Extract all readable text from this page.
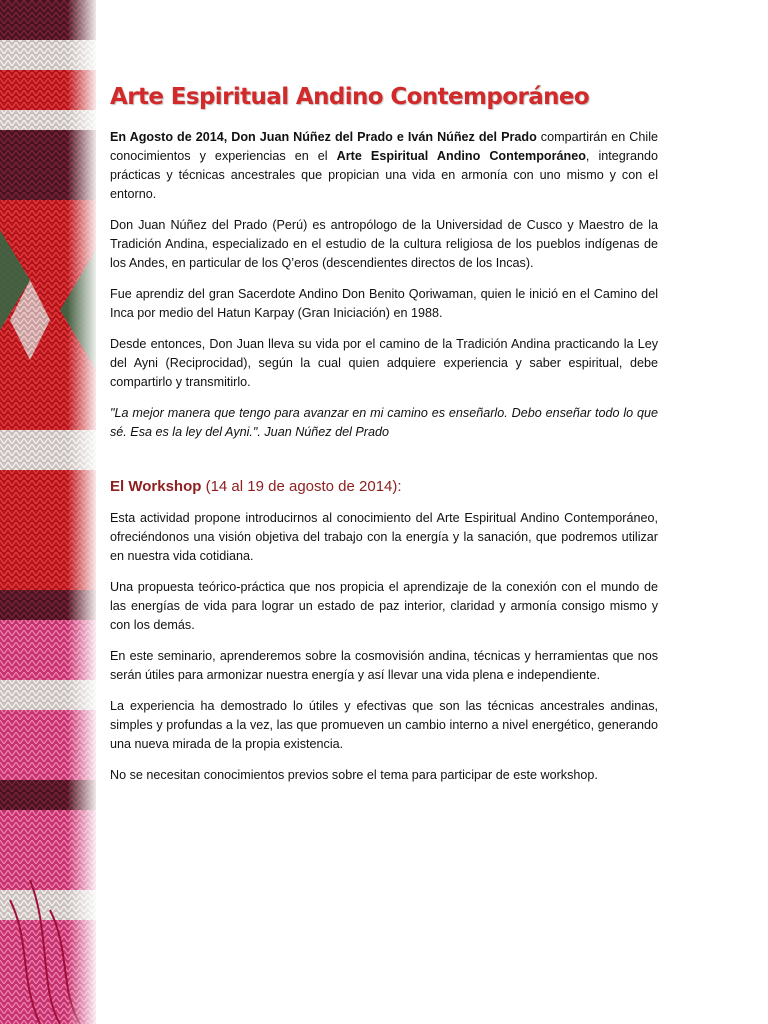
Arte Espiritual Andino Contemporáneo

En Agosto de 2014, Don Juan Núñez del Prado e Iván Núñez del Prado compartirán en Chile conocimientos y experiencias en el Arte Espiritual Andino Contemporáneo, integrando prácticas y técnicas ancestrales que propician una vida en armonía con uno mismo y con el entorno.

Don Juan Núñez del Prado (Perú) es antropólogo de la Universidad de Cusco y Maestro de la Tradición Andina, especializado en el estudio de la cultura religiosa de los pueblos indígenas de los Andes, en particular de los Q’eros (descendientes directos de los Incas).

Fue aprendiz del gran Sacerdote Andino Don Benito Qoriwaman, quien le inició en el Camino del Inca por medio del Hatun Karpay (Gran Iniciación) en 1988.

Desde entonces, Don Juan lleva su vida por el camino de la Tradición Andina practicando la Ley del Ayni (Reciprocidad), según la cual quien adquiere experiencia y saber espiritual, debe compartirlo y transmitirlo.

"La mejor manera que tengo para avanzar en mi camino es enseñarlo. Debo enseñar todo lo que sé. Esa es la ley del Ayni.". Juan Núñez del Prado

El Workshop (14 al 19 de agosto de 2014):

Esta actividad propone introducirnos al conocimiento del Arte Espiritual Andino Contemporáneo, ofreciéndonos una visión objetiva del trabajo con la energía y la sanación, que podremos utilizar en nuestra vida cotidiana.

Una propuesta teórico-práctica que nos propicia el aprendizaje de la conexión con el mundo de las energías de vida para lograr un estado de paz interior, claridad y armonía consigo mismo y con los demás.

En este seminario, aprenderemos sobre la cosmovisión andina, técnicas y herramientas que nos serán útiles para armonizar nuestra energía y así llevar una vida plena e independiente.

La experiencia ha demostrado lo útiles y efectivas que son las técnicas ancestrales andinas, simples y profundas a la vez, las que promueven un cambio interno a nivel energético, generando una nueva mirada de la propia existencia.

No se necesitan conocimientos previos sobre el tema para participar de este workshop.
